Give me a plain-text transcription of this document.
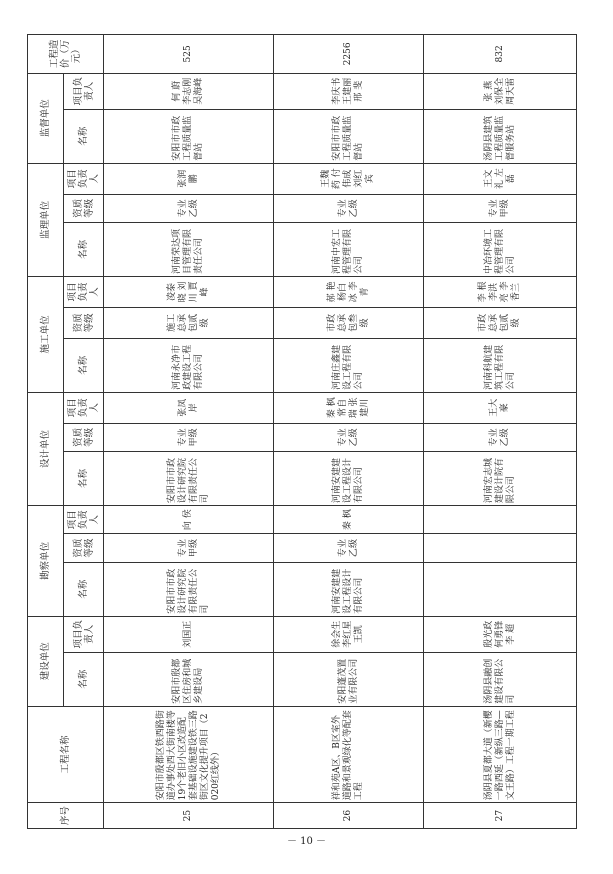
序号	工程名称	建设单位		勘察单位			设计单位			施工单位			监理单位			监督单位		工程造价（万元）
		名称	项目负责人	名称	资质等级	项目负责人	名称	资质等级	项目负责人	名称	资质等级	项目负责人	名称	资质等级	项目负责人	名称	项目负责人	
25	安阳市殷都区铁西路街道办事处西大街南楼等19个老旧小区改造配套基础设施建设铁三路街区文化提升项目（2020红线外）	安阳市殷都区住房和城乡建设局	刘国正	安阳市市政设计研究院有限责任公司	专业甲级	向 侯	安阳市市政设计研究院有限责任公司	专业甲级	张凤岸	河南永净市政建设工程有限公司	施工总承包贰级	凌泰晓 刘 川 賈 峰	河南荣达项目管理有限责任公司	专业乙级	张润鹏	安阳市市政工程质量监督站	何 蔚 李志刚 吴海峰	525
26	祥和苑A区、B区室外道路和景观绿化等配套工程	安阳蓬茂置业有限公司	徐会生 李红星 王凯	河南安建建设工程设计有限公司	专业乙级	秦 枫	河南安建建设工程设计有限公司	专业乙级	秦 枫 常自瑞 张建川	河南庄鑫建设工程有限公司	市政总承包叁级	郝 艳 杨白冰 李 青	河南中宏工程管理有限公司	专业乙级	王魏药 付伟成 刘红宾	安阳市市政工程质量监督站	李庆书 王建丽 邢 斐	2256
27	汤阴县夏都大道（新樱一路西延（新纵三路—文王路）工程一期工程	汤阴县融创建设有限公司	殷光政 何勇锋 李 超				河南宏志城建设计院有限公司	专业乙级	王大豪	河南科航建筑工程有限公司	市政总承包贰级	李 根 李洪亮 李香兰	中冶环境工程管理有限公司	专业甲级	王文礼 左 磊	汤阴县建筑工程质量监督服务站	张 燕 刘保全 周天雷	832
－ 10 －
